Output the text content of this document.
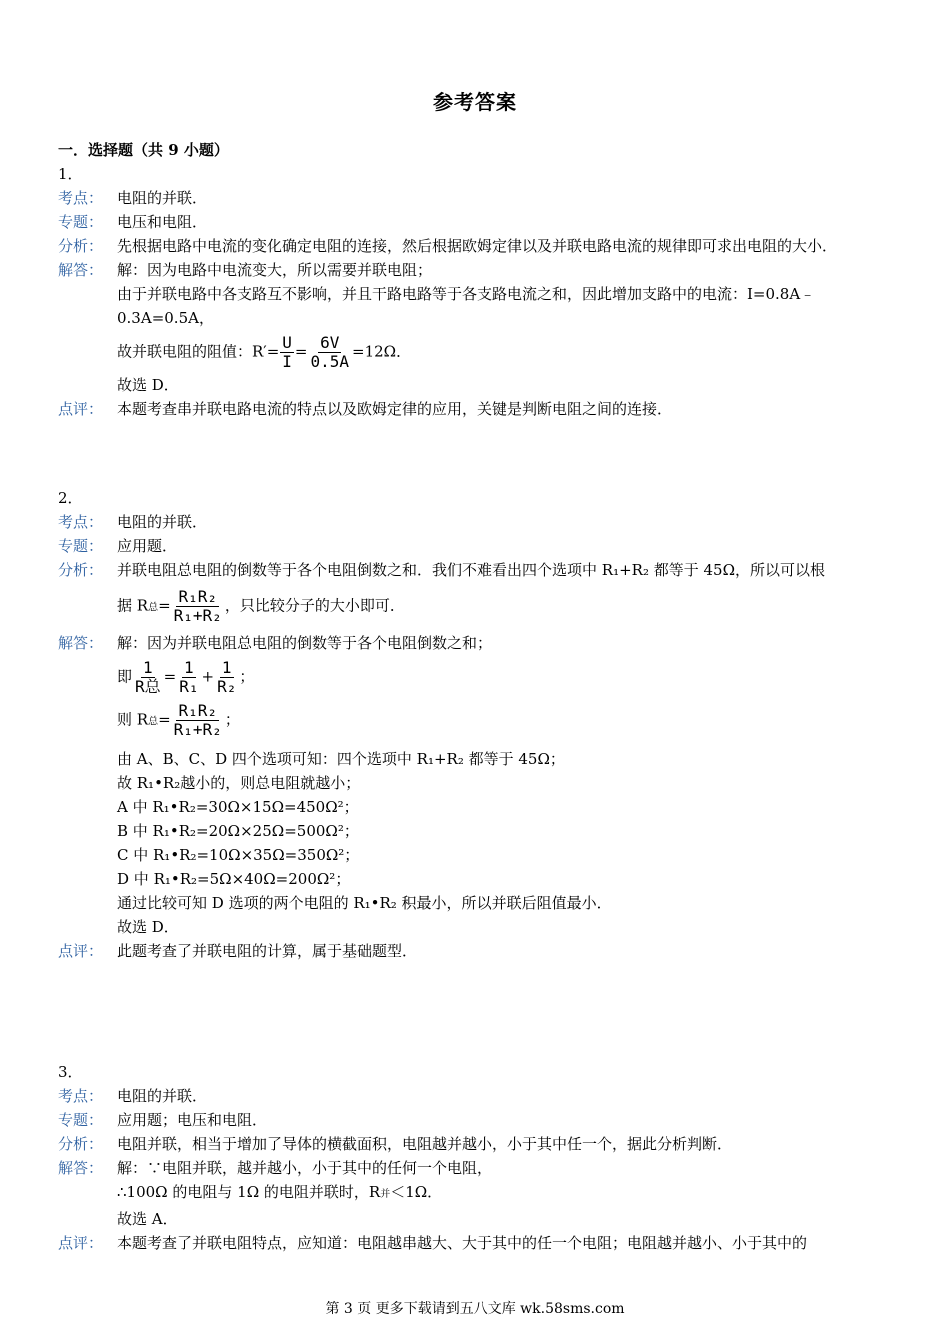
参考答案
一．选择题（共 9 小题）
1．
考点： 电阻的并联．
专题： 电压和电阻．
分析： 先根据电路中电流的变化确定电阻的连接，然后根据欧姆定律以及并联电路电流的规律即可求出电阻的大小．
解答： 解：因为电路中电流变大，所以需要并联电阻；
由于并联电路中各支路互不影响，并且干路电路等于各支路电流之和，因此增加支路中的电流：I=0.8A﹣0.3A=0.5A，
故并联电阻的阻值：$R'= \frac{U}{I} = \frac{6V}{0.5A} =12\Omega$．
故选 D．
点评： 本题考查串并联电路电流的特点以及欧姆定律的应用，关键是判断电阻之间的连接．
2．
考点： 电阻的并联．
专题： 应用题．
分析： 并联电阻总电阻的倒数等于各个电阻倒数之和．我们不难看出四个选项中 R₁+R₂ 都等于 45Ω，所以可以根
据 R总= $\frac{\text{R₁R₂}}{\text{R₁+R₂}}$ ，只比较分子的大小即可．
解答： 解：因为并联电阻总电阻的倒数等于各个电阻倒数之和；
即 $\frac{1}{\text{R总}} = \frac{1}{\text{R₁}} + \frac{1}{\text{R₂}}$ ；
则 R总= $\frac{\text{R₁R₂}}{\text{R₁+R₂}}$ ；
由 A、B、C、D 四个选项可知：四个选项中 R₁+R₂ 都等于 45Ω；
故 R₁•R₂越小的，则总电阻就越小；
A 中 R₁•R₂=30Ω×15Ω=450Ω²；
B 中 R₁•R₂=20Ω×25Ω=500Ω²；
C 中 R₁•R₂=10Ω×35Ω=350Ω²；
D 中 R₁•R₂=5Ω×40Ω=200Ω²；
通过比较可知 D 选项的两个电阻的 R₁•R₂ 积最小，所以并联后阻值最小．
故选 D．
点评： 此题考查了并联电阻的计算，属于基础题型．
3．
考点： 电阻的并联．
专题： 应用题；电压和电阻．
分析： 电阻并联，相当于增加了导体的横截面积，电阻越并越小，小于其中任一个，据此分析判断．
解答： 解：∵电阻并联，越并越小，小于其中的任何一个电阻，
∴100Ω 的电阻与 1Ω 的电阻并联时，R并＜1Ω．
故选 A．
点评： 本题考查了并联电阻特点，应知道：电阻越串越大、大于其中的任一个电阻；电阻越并越小、小于其中的
第 3 页 更多下载请到五八文库 wk.58sms.com
